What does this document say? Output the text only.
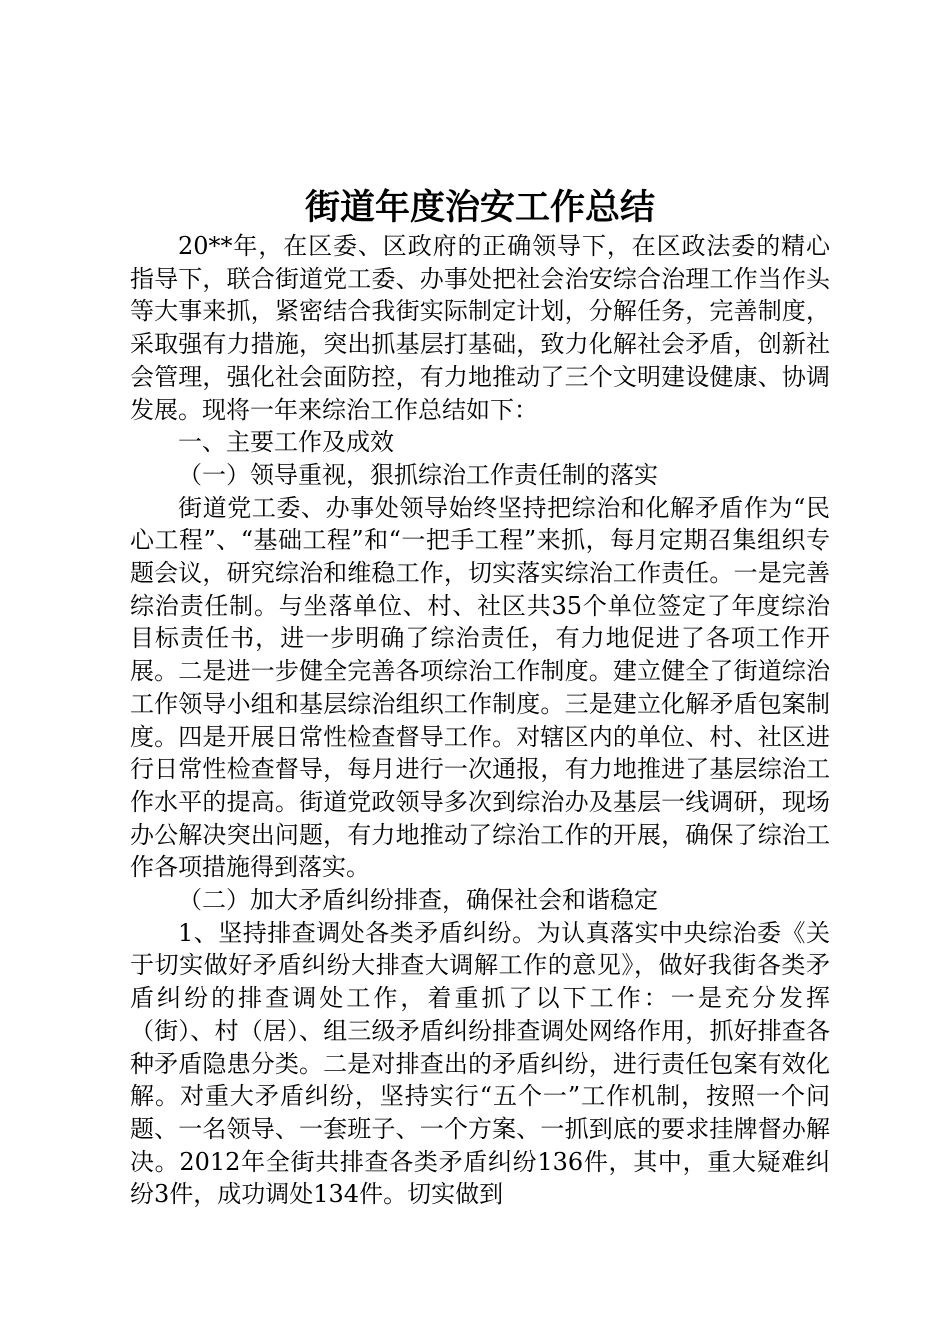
街道年度治安工作总结

20**年，在区委、区政府的正确领导下，在区政法委的精心指导下，联合街道党工委、办事处把社会治安综合治理工作当作头等大事来抓，紧密结合我街实际制定计划，分解任务，完善制度，采取强有力措施，突出抓基层打基础，致力化解社会矛盾，创新社会管理，强化社会面防控，有力地推动了三个文明建设健康、协调发展。现将一年来综治工作总结如下：

一、主要工作及成效

（一）领导重视，狠抓综治工作责任制的落实

街道党工委、办事处领导始终坚持把综治和化解矛盾作为“民心工程”、“基础工程”和“一把手工程”来抓，每月定期召集组织专题会议，研究综治和维稳工作，切实落实综治工作责任。一是完善综治责任制。与坐落单位、村、社区共35个单位签定了年度综治目标责任书，进一步明确了综治责任，有力地促进了各项工作开展。二是进一步健全完善各项综治工作制度。建立健全了街道综治工作领导小组和基层综治组织工作制度。三是建立化解矛盾包案制度。四是开展日常性检查督导工作。对辖区内的单位、村、社区进行日常性检查督导，每月进行一次通报，有力地推进了基层综治工作水平的提高。街道党政领导多次到综治办及基层一线调研，现场办公解决突出问题，有力地推动了综治工作的开展，确保了综治工作各项措施得到落实。

（二）加大矛盾纠纷排查，确保社会和谐稳定

1、坚持排查调处各类矛盾纠纷。为认真落实中央综治委《关于切实做好矛盾纠纷大排查大调解工作的意见》，做好我街各类矛盾纠纷的排查调处工作，着重抓了以下工作：一是充分发挥（街）、村（居）、组三级矛盾纠纷排查调处网络作用，抓好排查各种矛盾隐患分类。二是对排查出的矛盾纠纷，进行责任包案有效化解。对重大矛盾纠纷，坚持实行“五个一”工作机制，按照一个问题、一名领导、一套班子、一个方案、一抓到底的要求挂牌督办解决。2012年全街共排查各类矛盾纠纷136件，其中，重大疑难纠纷3件，成功调处134件。切实做到
